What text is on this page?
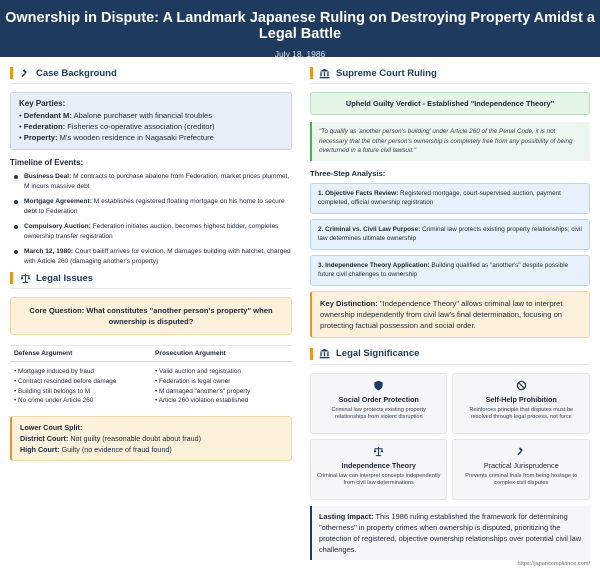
Ownership in Dispute: A Landmark Japanese Ruling on Destroying Property Amidst a Legal Battle
July 18, 1986
Case Background
Key Parties:
• Defendant M: Abalone purchaser with financial troubles
• Federation: Fisheries co-operative association (creditor)
• Property: M's wooden residence in Nagasaki Prefecture
Timeline of Events:
Business Deal: M contracts to purchase abalone from Federation, market prices plummet, M incurs massive debt
Mortgage Agreement: M establishes registered floating mortgage on his home to secure debt to Federation
Compulsory Auction: Federation initiates auction, becomes highest bidder, completes ownership transfer registration
March 12, 1980: Court bailiff arrives for eviction, M damages building with hatchet, charged with Article 260 (damaging another's property)
Legal Issues
Core Question: What constitutes "another person's property" when ownership is disputed?
Defense Argument
• Mortgage induced by fraud
• Contract rescinded before damage
• Building still belongs to M
• No crime under Article 260
Prosecution Argument
• Valid auction and registration
• Federation is legal owner
• M damaged "another's" property
• Article 260 violation established
Lower Court Split:
District Court: Not guilty (reasonable doubt about fraud)
High Court: Guilty (no evidence of fraud found)
Supreme Court Ruling
Upheld Guilty Verdict - Established "Independence Theory"
"To qualify as 'another person's building' under Article 260 of the Penal Code, it is not necessary that the other person's ownership is completely free from any possibility of being overturned in a future civil lawsuit."
Three-Step Analysis:
1. Objective Facts Review: Registered mortgage, court-supervised auction, payment completed, official ownership registration
2. Criminal vs. Civil Law Purpose: Criminal law protects existing property relationships; civil law determines ultimate ownership
3. Independence Theory Application: Building qualified as "another's" despite possible future civil challenges to ownership
Key Distinction: "Independence Theory" allows criminal law to interpret ownership independently from civil law's final determination, focusing on protecting factual possession and social order.
Legal Significance
Social Order Protection
Criminal law protects existing property relationships from violent disruption
Self-Help Prohibition
Reinforces principle that disputes must be resolved through legal process, not force
Independence Theory
Criminal law can interpret concepts independently from civil law determinations
Practical Jurisprudence
Prevents criminal trials from being hostage to complex civil disputes
Lasting Impact: This 1986 ruling established the framework for determining "otherness" in property crimes when ownership is disputed, prioritizing the protection of registered, objective ownership relationships over potential civil law challenges.
https://japancompliance.com/
